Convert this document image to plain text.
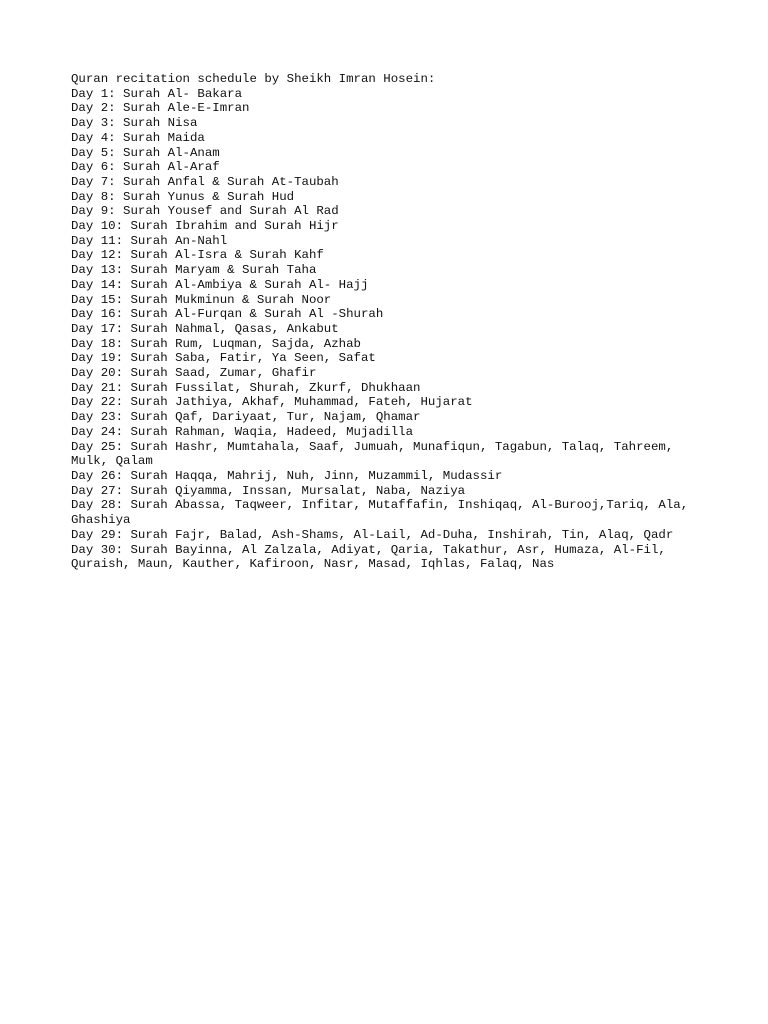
Quran recitation schedule by Sheikh Imran Hosein:

Day 1: Surah Al- Bakara

Day 2: Surah Ale-E-Imran

Day 3: Surah Nisa

Day 4: Surah Maida

Day 5: Surah Al-Anam

Day 6: Surah Al-Araf

Day 7: Surah Anfal & Surah At-Taubah

Day 8: Surah Yunus & Surah Hud

Day 9: Surah Yousef and Surah Al Rad

Day 10: Surah Ibrahim and Surah Hijr

Day 11: Surah An-Nahl

Day 12: Surah Al-Isra & Surah Kahf

Day 13: Surah Maryam & Surah Taha

Day 14: Surah Al-Ambiya & Surah Al- Hajj

Day 15: Surah Mukminun & Surah Noor

Day 16: Surah Al-Furqan & Surah Al -Shurah

Day 17: Surah Nahmal, Qasas, Ankabut

Day 18: Surah Rum, Luqman, Sajda, Azhab

Day 19: Surah Saba, Fatir, Ya Seen, Safat

Day 20: Surah Saad, Zumar, Ghafir

Day 21: Surah Fussilat, Shurah, Zkurf, Dhukhaan

Day 22: Surah Jathiya, Akhaf, Muhammad, Fateh, Hujarat

Day 23: Surah Qaf, Dariyaat, Tur, Najam, Qhamar

Day 24: Surah Rahman, Waqia, Hadeed, Mujadilla

Day 25: Surah Hashr, Mumtahala, Saaf, Jumuah, Munafiqun, Tagabun, Talaq, Tahreem,

Mulk, Qalam

Day 26: Surah Haqqa, Mahrij, Nuh, Jinn, Muzammil, Mudassir

Day 27: Surah Qiyamma, Inssan, Mursalat, Naba, Naziya

Day 28: Surah Abassa, Taqweer, Infitar, Mutaffafin, Inshiqaq, Al-Burooj,Tariq, Ala,

Ghashiya

Day 29: Surah Fajr, Balad, Ash-Shams, Al-Lail, Ad-Duha, Inshirah, Tin, Alaq, Qadr

Day 30: Surah Bayinna, Al Zalzala, Adiyat, Qaria, Takathur, Asr, Humaza, Al-Fil,

Quraish, Maun, Kauther, Kafiroon, Nasr, Masad, Iqhlas, Falaq, Nas
